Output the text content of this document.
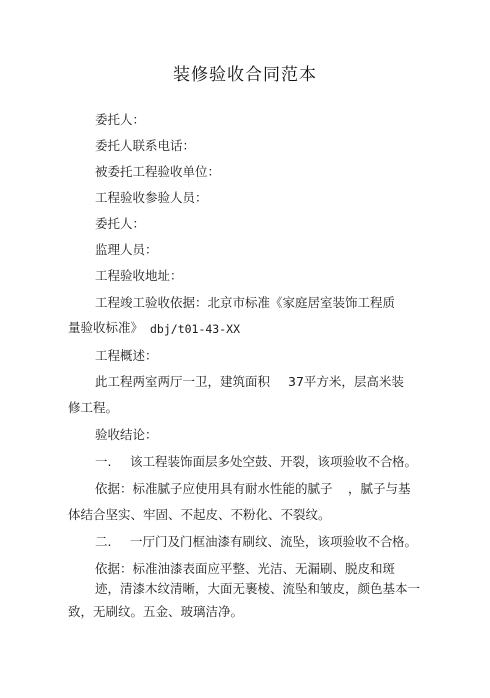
装修验收合同范本
委托人：
委托人联系电话：
被委托工程验收单位：
工程验收参验人员：
委托人：
监理人员：
工程验收地址：
工程竣工验收依据：北京市标准《家庭居室装饰工程质
量验收标准》 dbj/t01-43-XX
工程概述：
此工程两室两厅一卫，建筑面积 37平方米，层高米装
修工程。
验收结论：
一. 该工程装饰面层多处空鼓、开裂，该项验收不合 格。
依据：标准腻子应使用具有耐水性能的腻子 ，腻子与基
体结合坚实、牢固、不起皮、不粉化、不裂纹。
二. 一厅门及门框油漆有刷纹、流坠，该项验收不合 格。
依据：标准油漆表面应平整、光洁、无漏刷、脱皮和斑
迹，清漆木纹清晰，大面无裹棱、流坠和皱皮，颜色基本一
致，无刷纹。五金、玻璃洁净。
